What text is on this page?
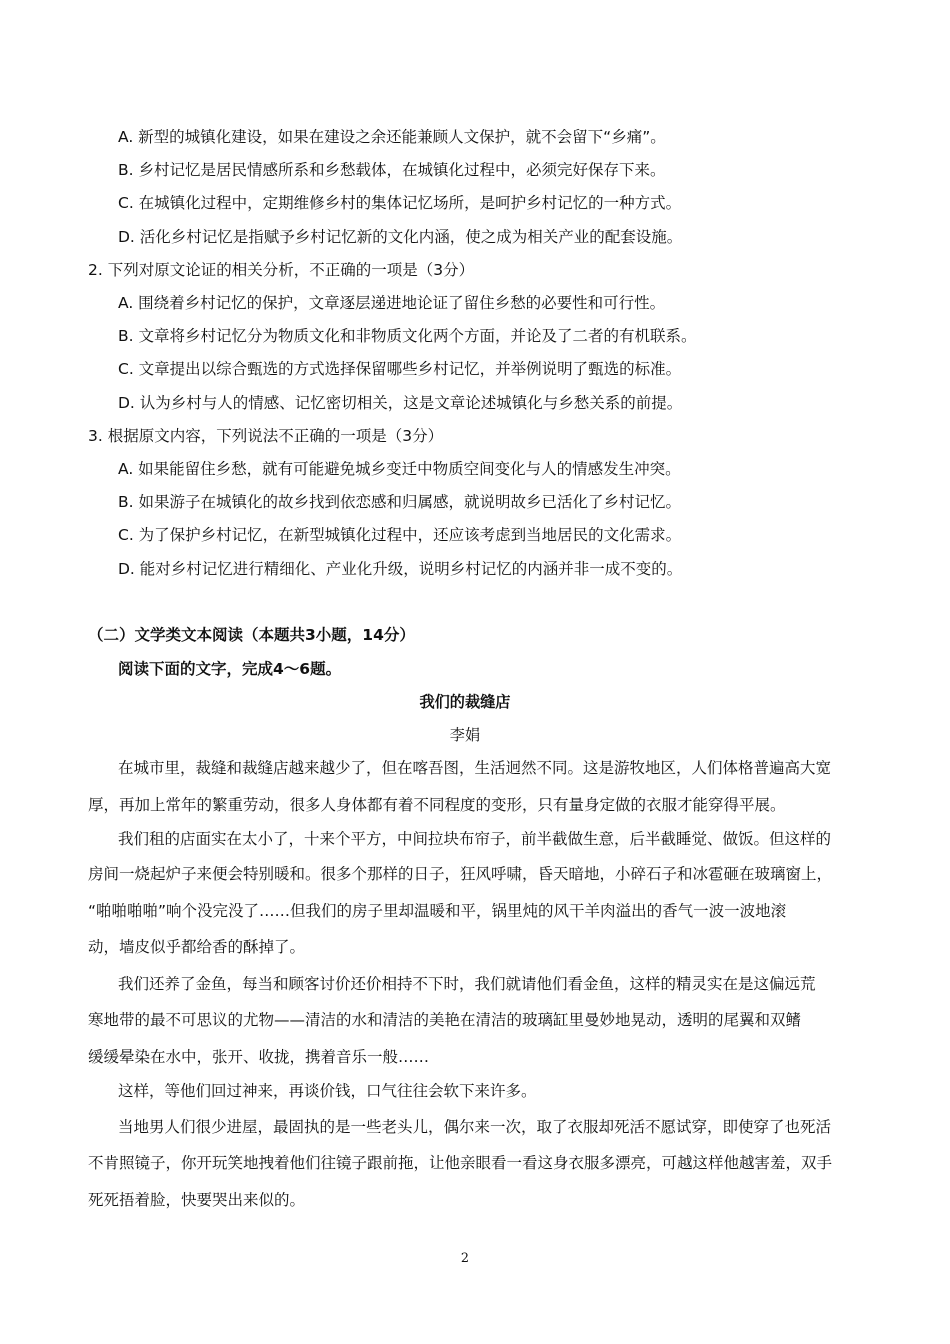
A. 新型的城镇化建设，如果在建设之余还能兼顾人文保护，就不会留下“乡痛”。
B. 乡村记忆是居民情感所系和乡愁载体，在城镇化过程中，必须完好保存下来。
C. 在城镇化过程中，定期维修乡村的集体记忆场所，是呵护乡村记忆的一种方式。
D. 活化乡村记忆是指赋予乡村记忆新的文化内涵，使之成为相关产业的配套设施。
2. 下列对原文论证的相关分析，不正确的一项是（3分）
A. 围绕着乡村记忆的保护，文章逐层递进地论证了留住乡愁的必要性和可行性。
B. 文章将乡村记忆分为物质文化和非物质文化两个方面，并论及了二者的有机联系。
C. 文章提出以综合甄选的方式选择保留哪些乡村记忆，并举例说明了甄选的标准。
D. 认为乡村与人的情感、记忆密切相关，这是文章论述城镇化与乡愁关系的前提。
3. 根据原文内容，下列说法不正确的一项是（3分）
A. 如果能留住乡愁，就有可能避免城乡变迁中物质空间变化与人的情感发生冲突。
B. 如果游子在城镇化的故乡找到依恋感和归属感，就说明故乡已活化了乡村记忆。
C. 为了保护乡村记忆，在新型城镇化过程中，还应该考虑到当地居民的文化需求。
D. 能对乡村记忆进行精细化、产业化升级，说明乡村记忆的内涵并非一成不变的。
（二）文学类文本阅读（本题共3小题，14分）
阅读下面的文字，完成4～6题。
我们的裁缝店
李娟
在城市里，裁缝和裁缝店越来越少了，但在喀吾图，生活迥然不同。这是游牧地区，人们体格普遍高大宽
厚，再加上常年的繁重劳动，很多人身体都有着不同程度的变形，只有量身定做的衣服才能穿得平展。
我们租的店面实在太小了，十来个平方，中间拉块布帘子，前半截做生意，后半截睡觉、做饭。但这样的
房间一烧起炉子来便会特别暖和。很多个那样的日子，狂风呼啸，昏天暗地，小碎石子和冰雹砸在玻璃窗上，
“啪啪啪啪”响个没完没了……但我们的房子里却温暖和平，锅里炖的风干羊肉溢出的香气一波一波地滚
动，墙皮似乎都给香的酥掉了。
我们还养了金鱼，每当和顾客讨价还价相持不下时，我们就请他们看金鱼，这样的精灵实在是这偏远荒
寒地带的最不可思议的尤物——清洁的水和清洁的美艳在清洁的玻璃缸里曼妙地晃动，透明的尾翼和双鳍
缓缓晕染在水中，张开、收拢，携着音乐一般……
这样，等他们回过神来，再谈价钱，口气往往会软下来许多。
当地男人们很少进屋，最固执的是一些老头儿，偶尔来一次，取了衣服却死活不愿试穿，即使穿了也死活
不肯照镜子，你开玩笑地拽着他们往镜子跟前拖，让他亲眼看一看这身衣服多漂亮，可越这样他越害羞，双手
死死捂着脸，快要哭出来似的。
2
